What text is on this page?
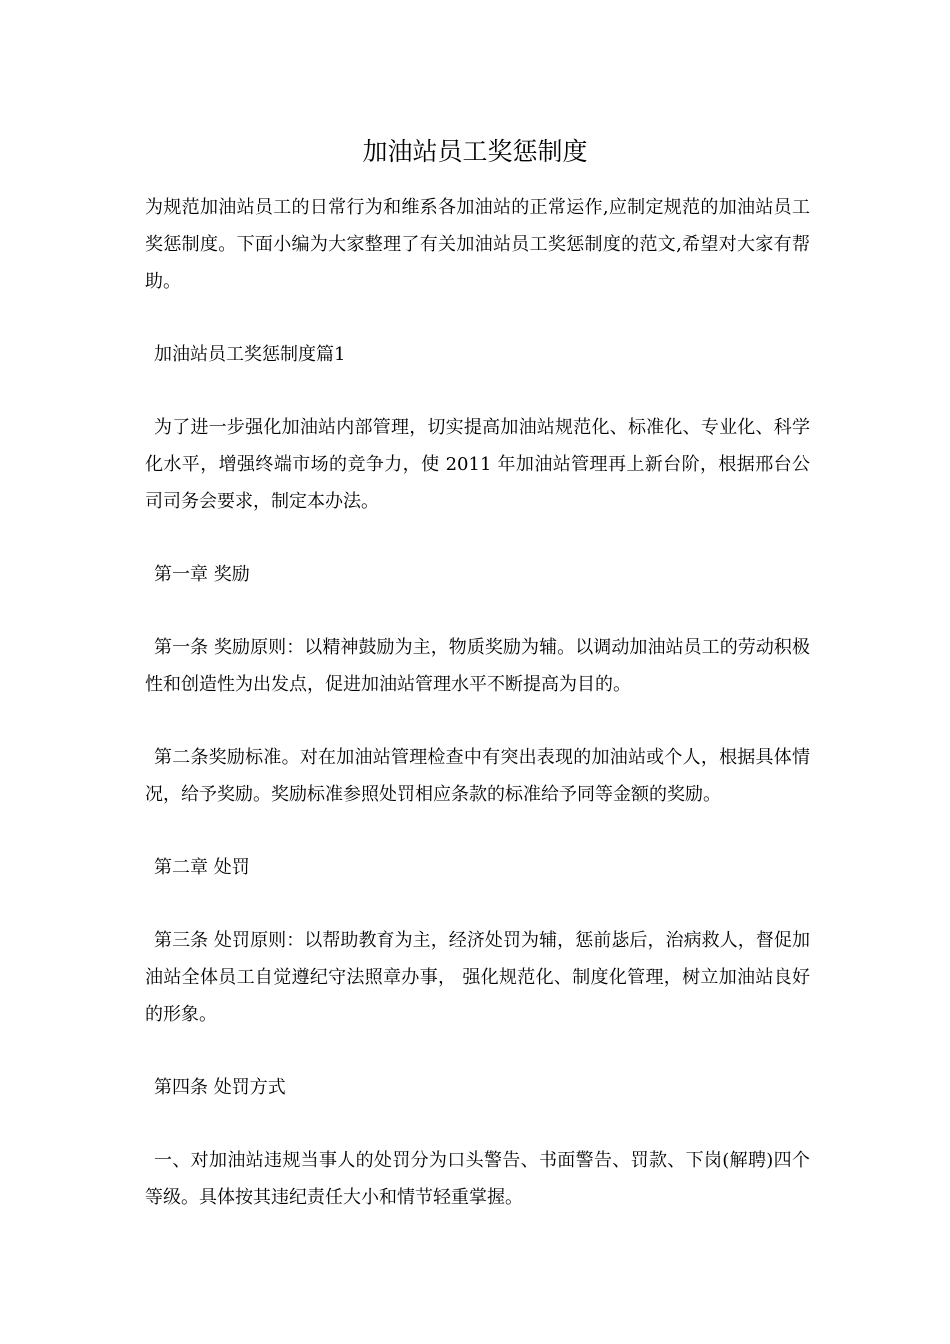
加油站员工奖惩制度

为规范加油站员工的日常行为和维系各加油站的正常运作,应制定规范的加油站员工奖惩制度。下面小编为大家整理了有关加油站员工奖惩制度的范文,希望对大家有帮助。

加油站员工奖惩制度篇1

为了进一步强化加油站内部管理，切实提高加油站规范化、标准化、专业化、科学化水平，增强终端市场的竞争力，使 2011 年加油站管理再上新台阶，根据邢台公司司务会要求，制定本办法。

第一章 奖励

第一条 奖励原则：以精神鼓励为主，物质奖励为辅。以调动加油站员工的劳动积极性和创造性为出发点，促进加油站管理水平不断提高为目的。

第二条奖励标准。对在加油站管理检查中有突出表现的加油站或个人，根据具体情况，给予奖励。奖励标准参照处罚相应条款的标准给予同等金额的奖励。

第二章 处罚

第三条 处罚原则：以帮助教育为主，经济处罚为辅，惩前毖后，治病救人，督促加油站全体员工自觉遵纪守法照章办事， 强化规范化、制度化管理，树立加油站良好的形象。

第四条 处罚方式

一、对加油站违规当事人的处罚分为口头警告、书面警告、罚款、下岗(解聘)四个等级。具体按其违纪责任大小和情节轻重掌握。
